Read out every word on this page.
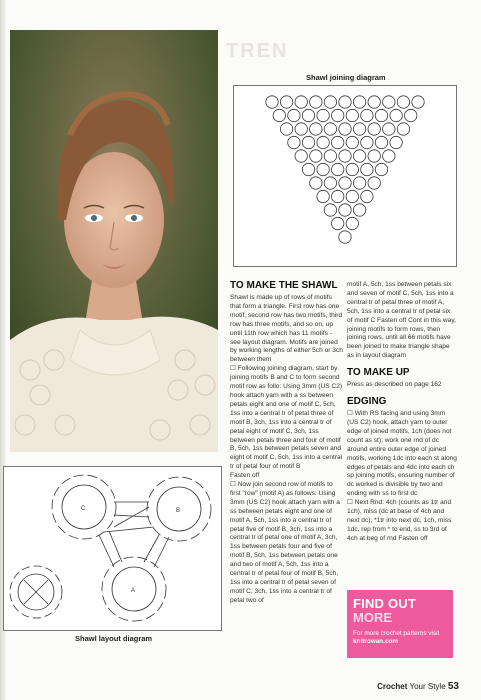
TREN
Shawl joining diagram
C	B
A
Shawl layout diagram
TO MAKE THE SHAWL

Shawl is made up of rows of motifs that form a triangle. First row has one motif, second row has two motifs, third row has three motifs, and so on, up until 11th row which has 11 motifs - see layout diagram. Motifs are joined by working lengths of either 5ch or 3ch between them

☐ Following joining diagram, start by joining motifs B and C to form second motif row as follo: Using 3mm (US C2) hook attach yarn with a ss between petals eight and one of motif C, 5ch, 1ss into a central tr of petal three of motif B, 3ch, 1ss into a central tr of petal eight of motif C, 3ch, 1ss between petals three and four of motif B, 5ch, 1ss between petals seven and eight of motif C, 5ch, 1ss into a central tr of petal four of motif B

Fasten off

☐ Now join second row of motifs to first "row" (motif A) as follows: Using 3mm (US C2) hook attach yarn with a ss between petals eight and one of motif A, 5ch, 1ss into a central tr of petal five of motif B, 3ch, 1ss into a central tr of petal one of motif A, 3ch, 1ss between petals four and five of motif B, 5ch, 1ss between petals one and two of motif A, 5ch, 1ss into a central tr of petal four of motif B, 5ch, 1ss into a central tr of petal seven of motif C, 3ch, 1ss into a central tr of petal two of

motif A, 5ch, 1ss between petals six and seven of motif C, 5ch, 1ss into a central tr of petal three of motif A, 5ch, 1ss into a central tr of petal six of motif C Fasten off Cont in this way, joining motifs to form rows, then joining rows, until all 66 motifs have been joined to make triangle shape as in layout diagram

TO MAKE UP

Press as described on page 162

EDGING

☐ With RS facing and using 3mm (US C2) hook, attach yarn to outer edge of joined motifs, 1ch (does not count as st); work one rnd of dc around entire outer edge of joined motifs, working 1dc into each st along edges of petals and 4dc into each ch sp joining motifs, ensuring number of dc worked is divisible by two and ending with ss to first dc

☐ Next Rnd: 4ch (counts as 1tr and 1ch), miss (dc at base of 4ch and next dc), *1tr into next dc, 1ch, miss 1dc, rep from * to end, ss to 3rd of 4ch at beg of rnd Fasten off

FIND OUT
MORE
For more crochet patterns visit knitrowan.com
Crochet Your Style 53
